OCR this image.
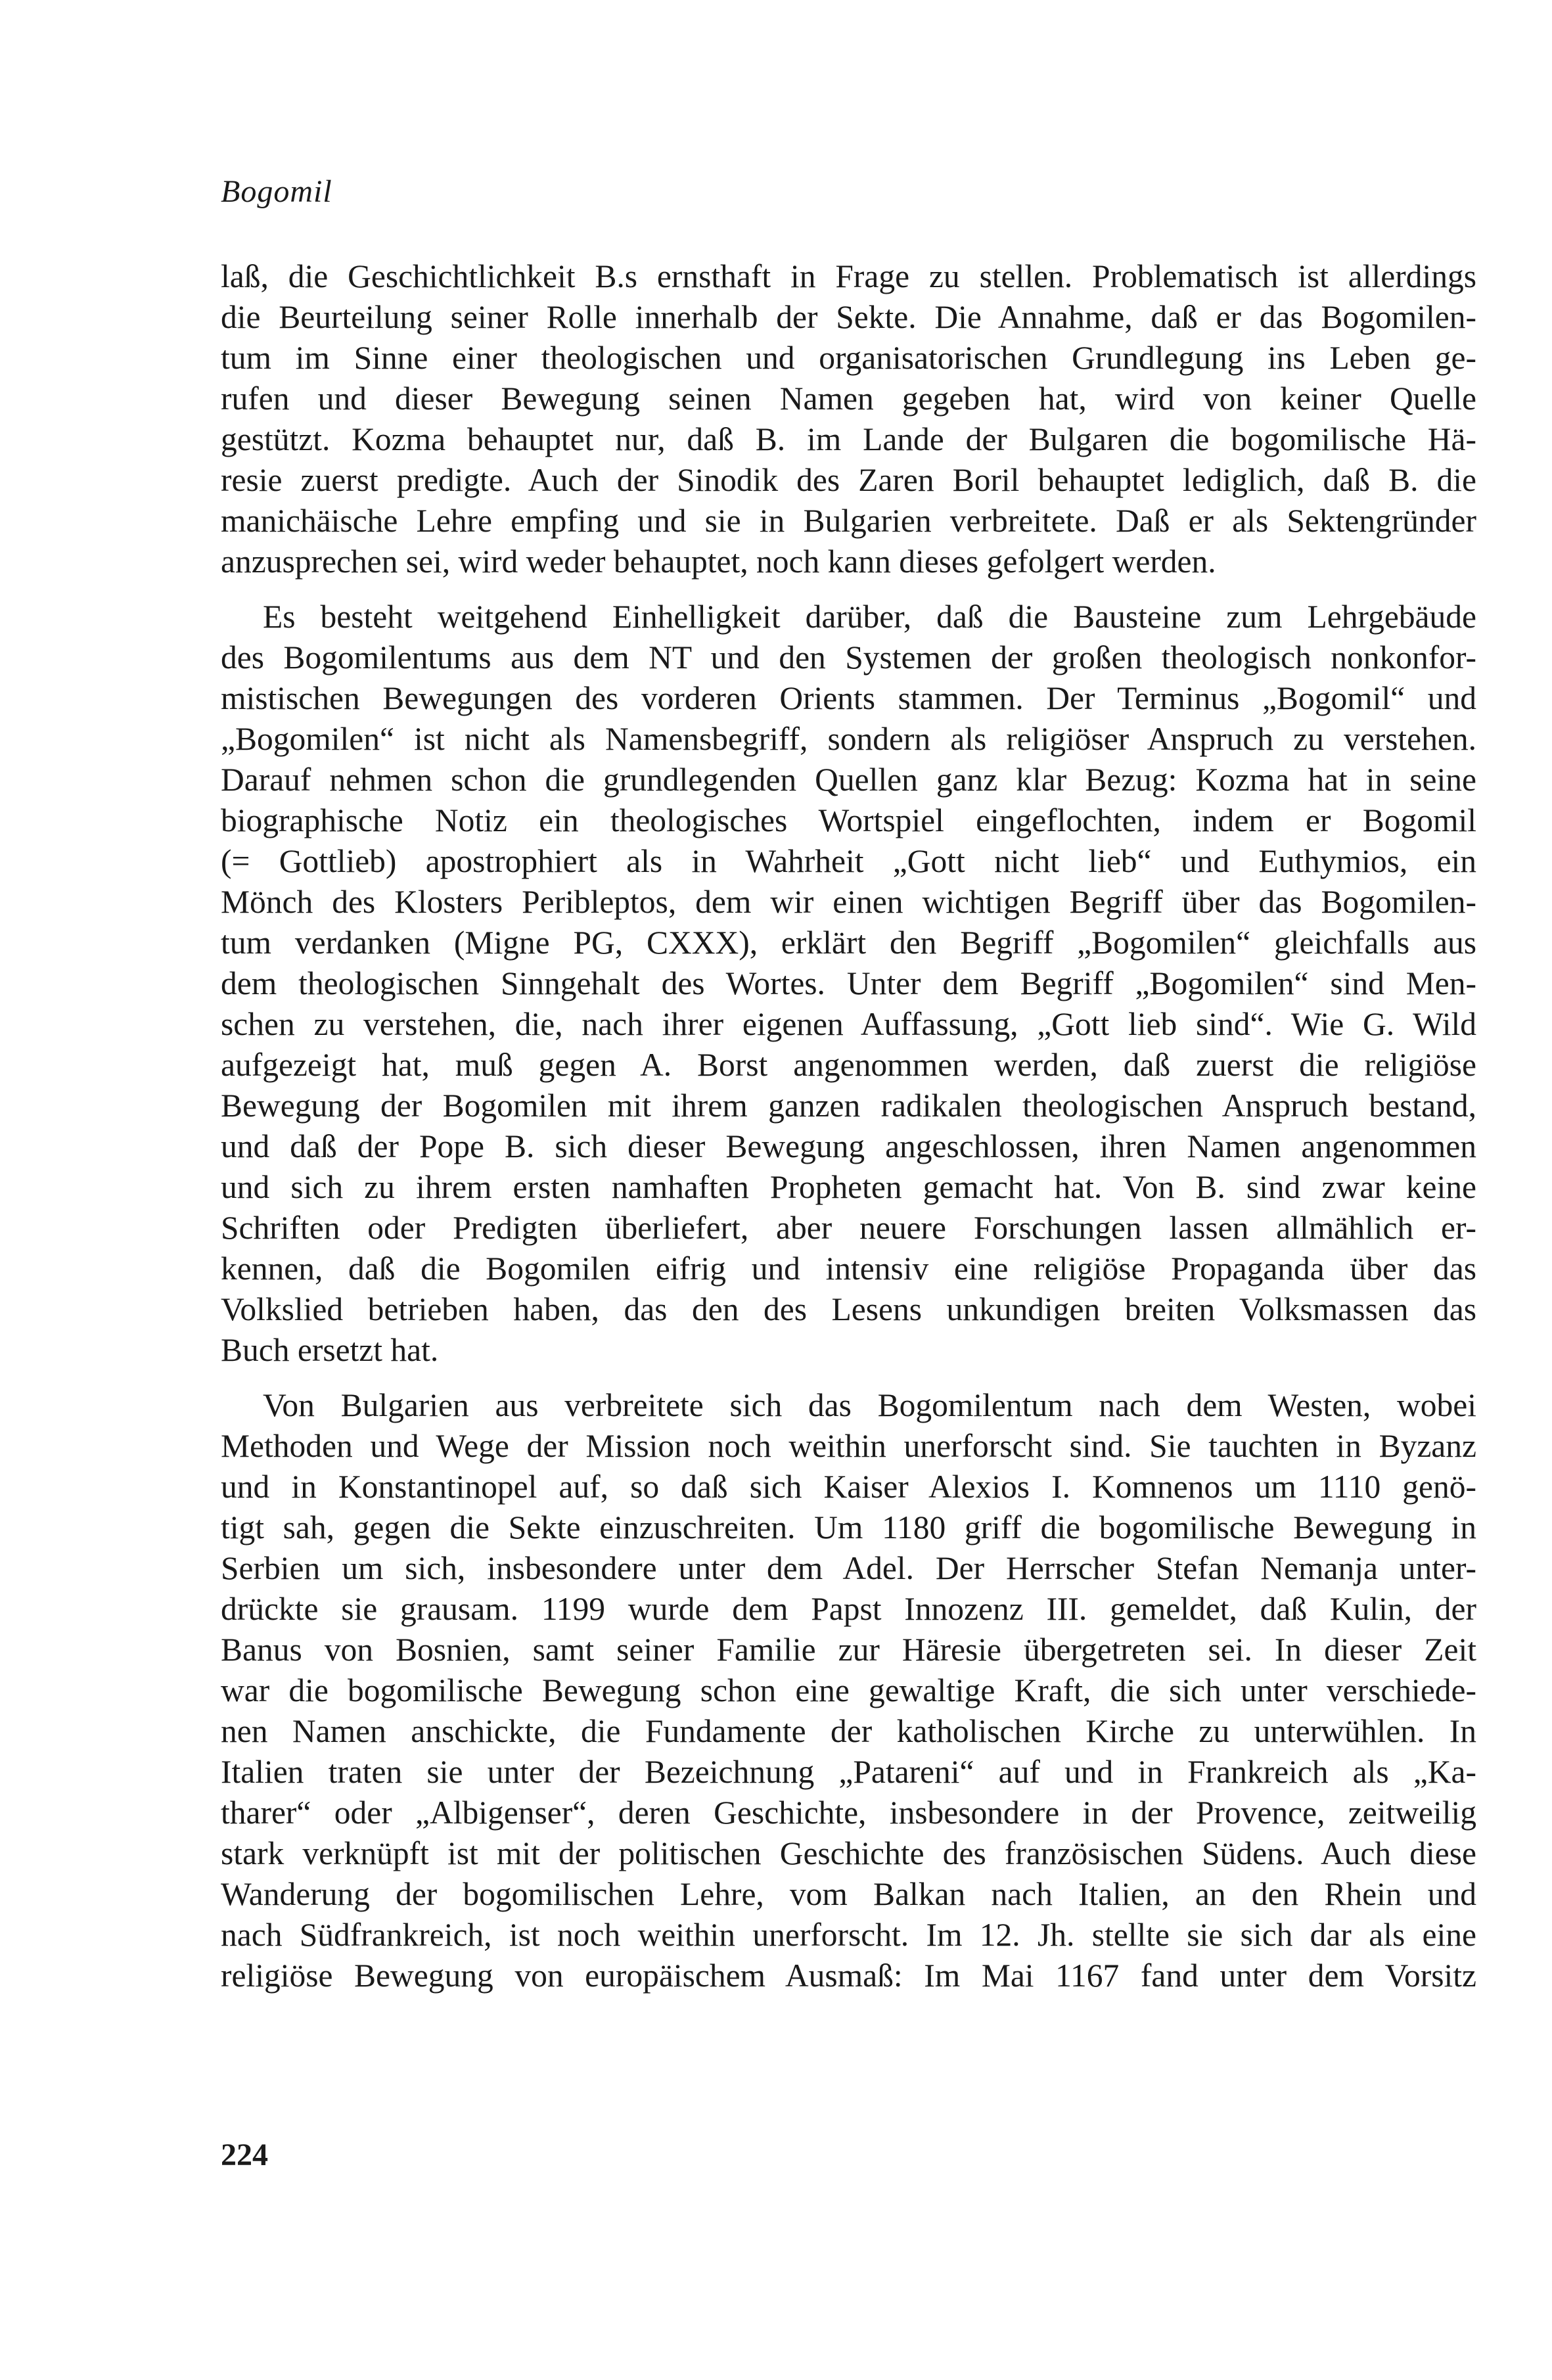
Bogomil
laß, die Geschichtlichkeit B.s ernsthaft in Frage zu stellen. Problematisch ist allerdings
die Beurteilung seiner Rolle innerhalb der Sekte. Die Annahme, daß er das Bogomilen-
tum im Sinne einer theologischen und organisatorischen Grundlegung ins Leben ge-
rufen und dieser Bewegung seinen Namen gegeben hat, wird von keiner Quelle
gestützt. Kozma behauptet nur, daß B. im Lande der Bulgaren die bogomilische Hä-
resie zuerst predigte. Auch der Sinodik des Zaren Boril behauptet lediglich, daß B. die
manichäische Lehre empfing und sie in Bulgarien verbreitete. Daß er als Sektengründer
anzusprechen sei, wird weder behauptet, noch kann dieses gefolgert werden.
Es besteht weitgehend Einhelligkeit darüber, daß die Bausteine zum Lehrgebäude
des Bogomilentums aus dem NT und den Systemen der großen theologisch nonkonfor-
mistischen Bewegungen des vorderen Orients stammen. Der Terminus „Bogomil“ und
„Bogomilen“ ist nicht als Namensbegriff, sondern als religiöser Anspruch zu verstehen.
Darauf nehmen schon die grundlegenden Quellen ganz klar Bezug: Kozma hat in seine
biographische Notiz ein theologisches Wortspiel eingeflochten, indem er Bogomil
(= Gottlieb) apostrophiert als in Wahrheit „Gott nicht lieb“ und Euthymios, ein
Mönch des Klosters Peribleptos, dem wir einen wichtigen Begriff über das Bogomilen-
tum verdanken (Migne PG, CXXX), erklärt den Begriff „Bogomilen“ gleichfalls aus
dem theologischen Sinngehalt des Wortes. Unter dem Begriff „Bogomilen“ sind Men-
schen zu verstehen, die, nach ihrer eigenen Auffassung, „Gott lieb sind“. Wie G. Wild
aufgezeigt hat, muß gegen A. Borst angenommen werden, daß zuerst die religiöse
Bewegung der Bogomilen mit ihrem ganzen radikalen theologischen Anspruch bestand,
und daß der Pope B. sich dieser Bewegung angeschlossen, ihren Namen angenommen
und sich zu ihrem ersten namhaften Propheten gemacht hat. Von B. sind zwar keine
Schriften oder Predigten überliefert, aber neuere Forschungen lassen allmählich er-
kennen, daß die Bogomilen eifrig und intensiv eine religiöse Propaganda über das
Volkslied betrieben haben, das den des Lesens unkundigen breiten Volksmassen das
Buch ersetzt hat.
Von Bulgarien aus verbreitete sich das Bogomilentum nach dem Westen, wobei
Methoden und Wege der Mission noch weithin unerforscht sind. Sie tauchten in Byzanz
und in Konstantinopel auf, so daß sich Kaiser Alexios I. Komnenos um 1110 genö-
tigt sah, gegen die Sekte einzuschreiten. Um 1180 griff die bogomilische Bewegung in
Serbien um sich, insbesondere unter dem Adel. Der Herrscher Stefan Nemanja unter-
drückte sie grausam. 1199 wurde dem Papst Innozenz III. gemeldet, daß Kulin, der
Banus von Bosnien, samt seiner Familie zur Häresie übergetreten sei. In dieser Zeit
war die bogomilische Bewegung schon eine gewaltige Kraft, die sich unter verschiede-
nen Namen anschickte, die Fundamente der katholischen Kirche zu unterwühlen. In
Italien traten sie unter der Bezeichnung „Patareni“ auf und in Frankreich als „Ka-
tharer“ oder „Albigenser“, deren Geschichte, insbesondere in der Provence, zeitweilig
stark verknüpft ist mit der politischen Geschichte des französischen Südens. Auch diese
Wanderung der bogomilischen Lehre, vom Balkan nach Italien, an den Rhein und
nach Südfrankreich, ist noch weithin unerforscht. Im 12. Jh. stellte sie sich dar als eine
religiöse Bewegung von europäischem Ausmaß: Im Mai 1167 fand unter dem Vorsitz
224
